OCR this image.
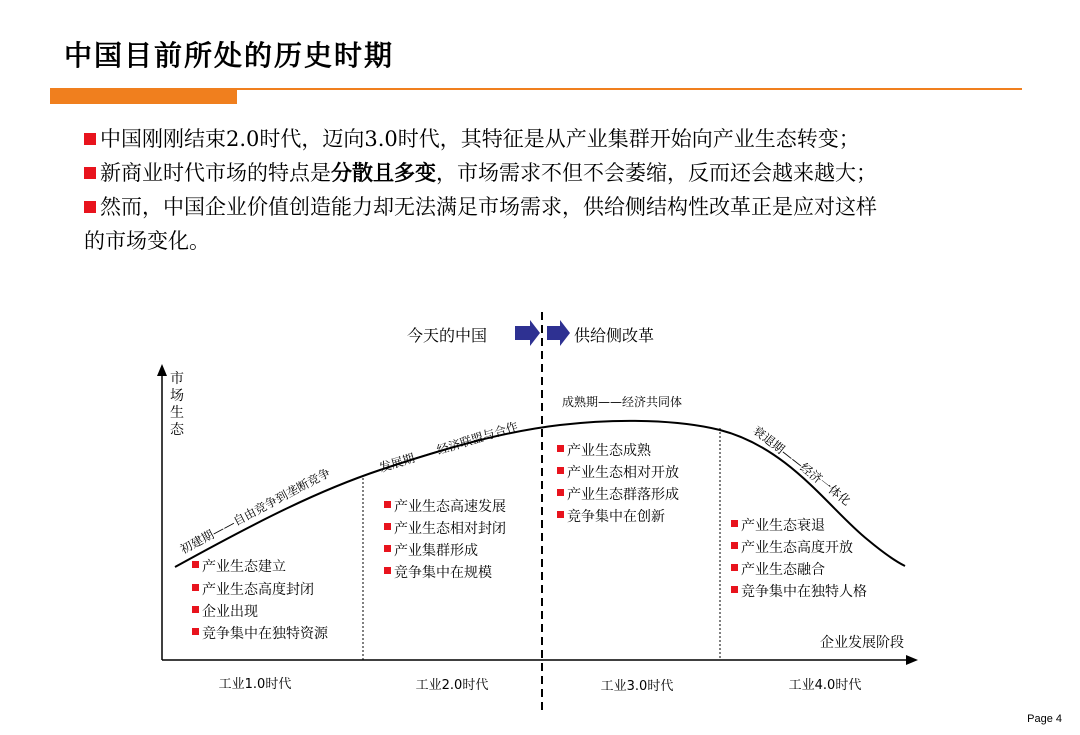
中国目前所处的历史时期
中国刚刚结束2.0时代，迈向3.0时代，其特征是从产业集群开始向产业生态转变；
新商业时代市场的特点是分散且多变，市场需求不但不会萎缩，反而还会越来越大；
然而，中国企业价值创造能力却无法满足市场需求，供给侧结构性改革正是应对这样
的市场变化。
市
场
生
态
企业发展阶段
今天的中国	供给侧改革
初建期——自由竞争到垄断竞争
发展期——经济联盟与合作
成熟期——经济共同体
衰退期——经济一体化
产业生态建立
产业生态高度封闭
企业出现
竞争集中在独特资源
产业生态高速发展
产业生态相对封闭
产业集群形成
竞争集中在规模
产业生态成熟
产业生态相对开放
产业生态群落形成
竞争集中在创新
产业生态衰退
产业生态高度开放
产业生态融合
竞争集中在独特人格
工业1.0时代	工业2.0时代	工业3.0时代	工业4.0时代
Page 4
